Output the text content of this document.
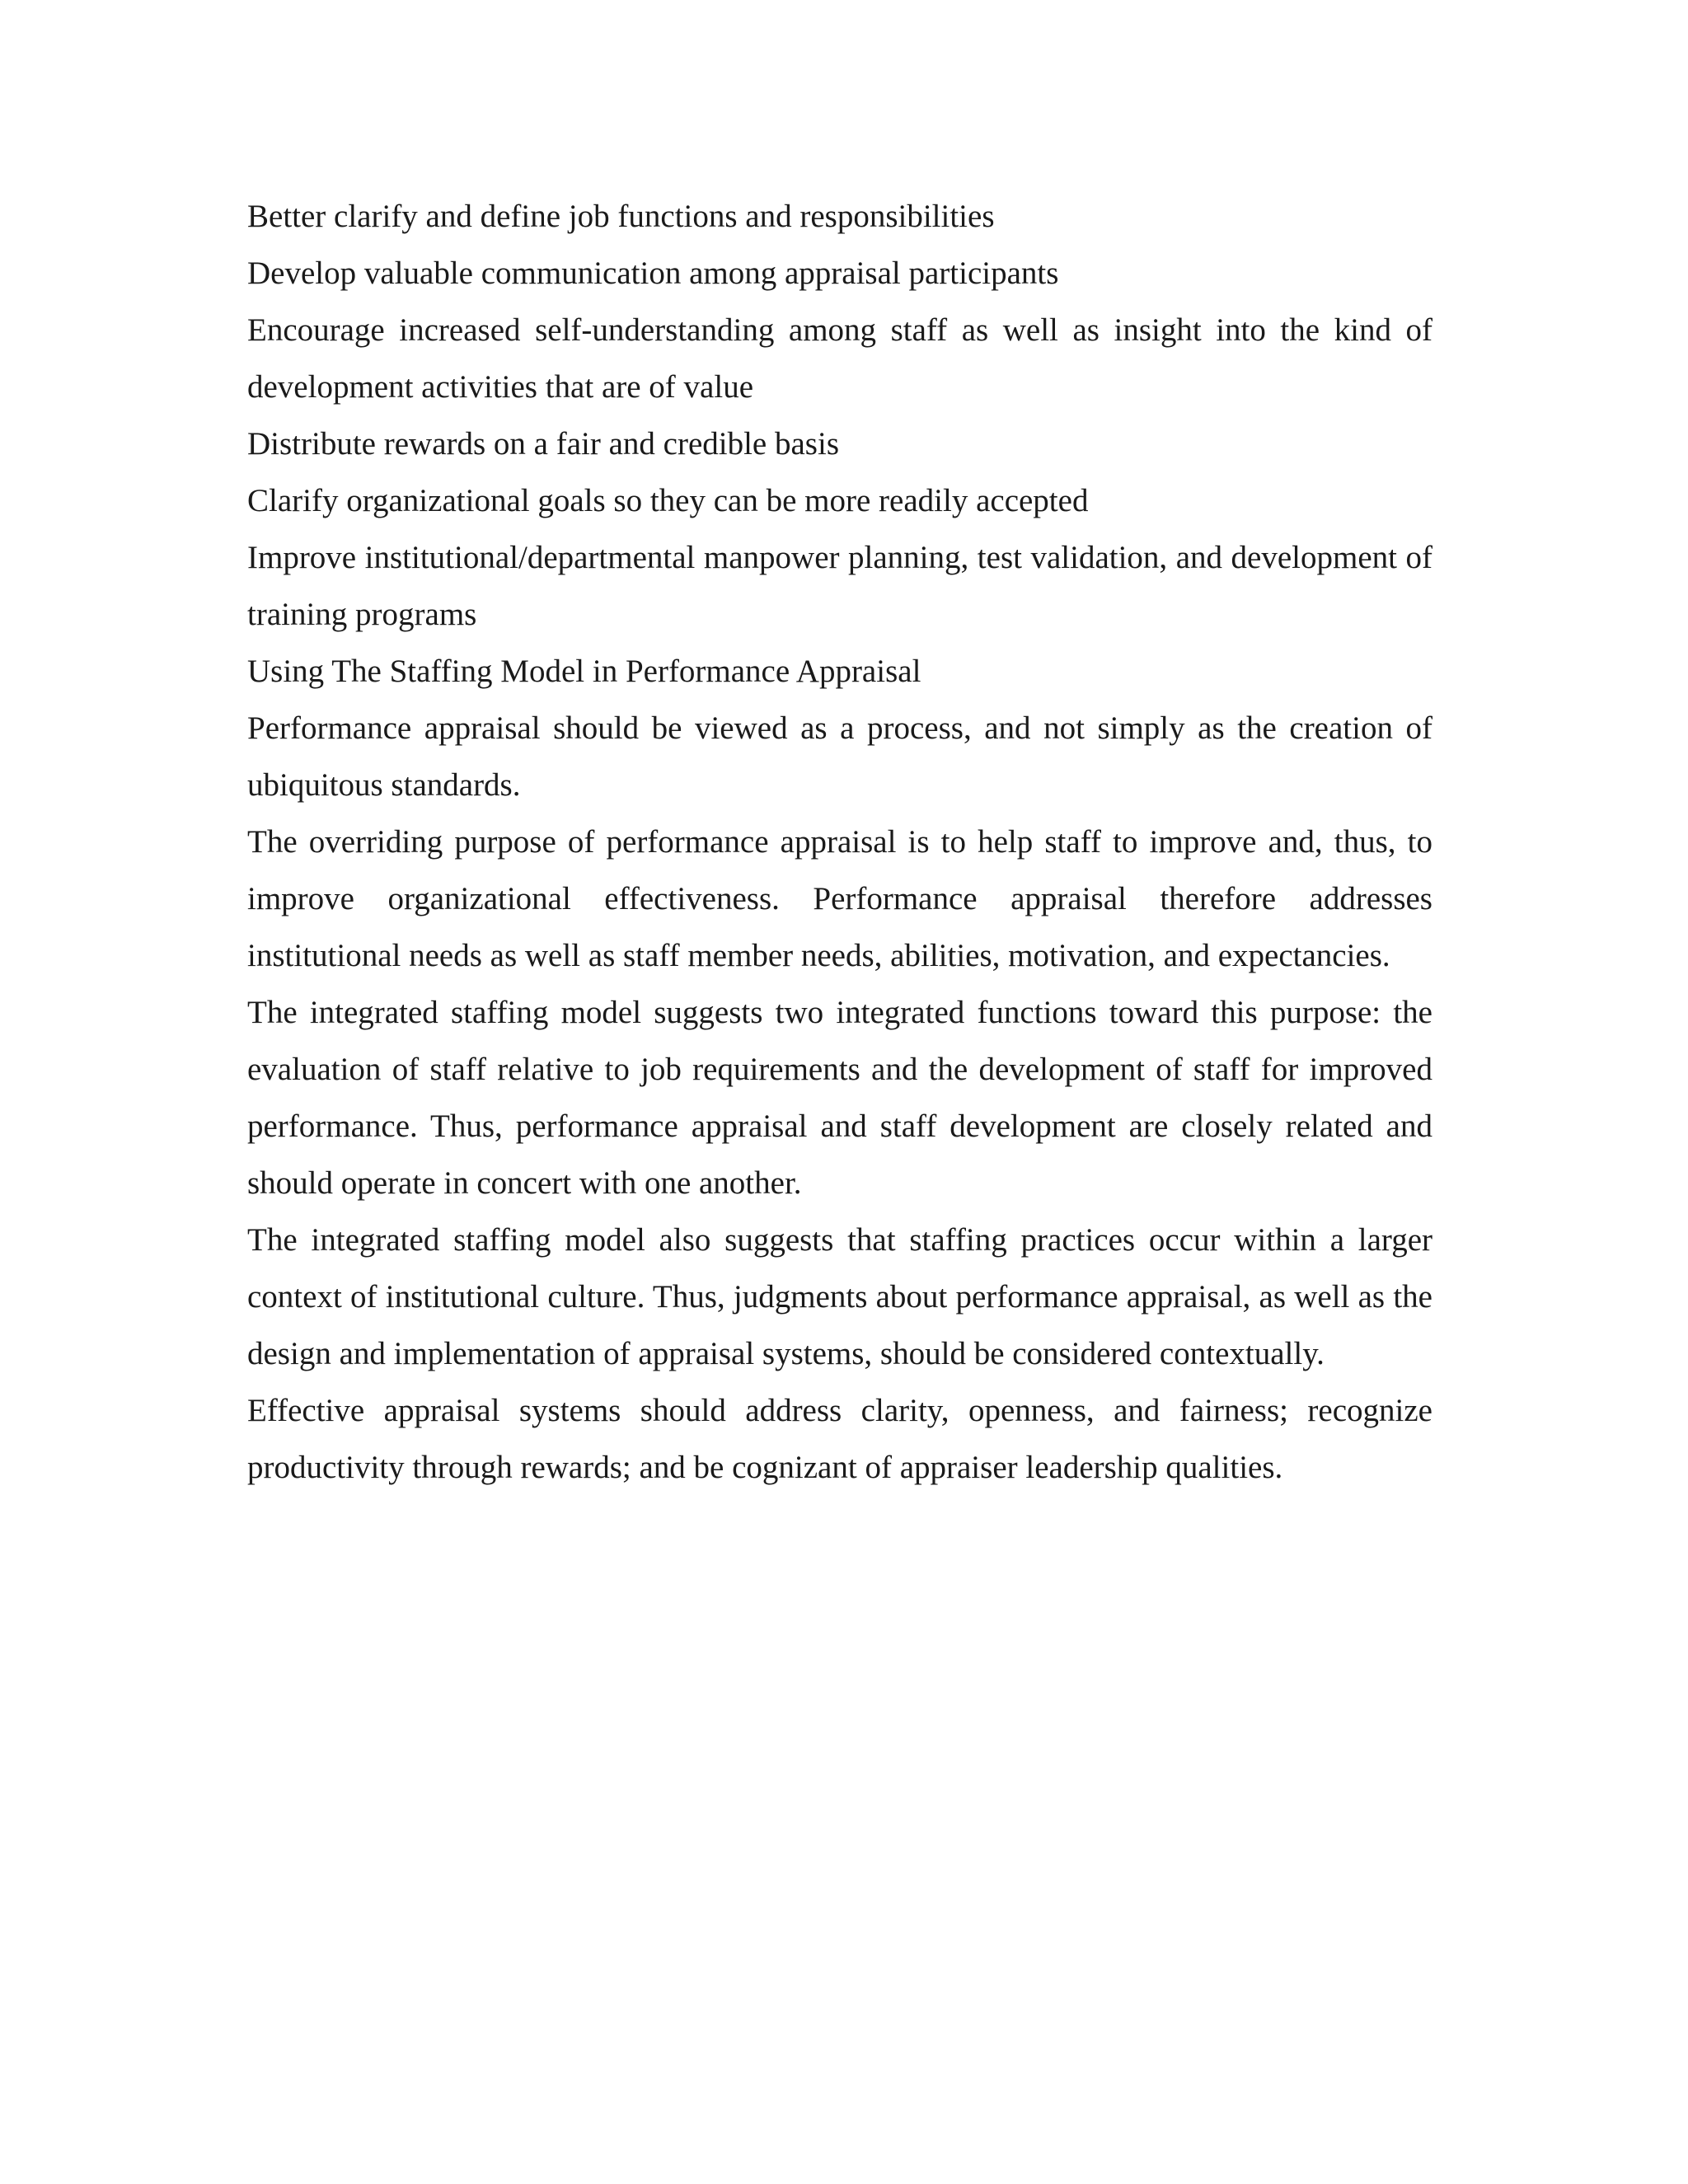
Better clarify and define job functions and responsibilities

Develop valuable communication among appraisal participants

Encourage increased self-understanding among staff as well as insight into the kind of development activities that are of value

Distribute rewards on a fair and credible basis

Clarify organizational goals so they can be more readily accepted

Improve institutional/departmental manpower planning, test validation, and development of training programs

Using The Staffing Model in Performance Appraisal

Performance appraisal should be viewed as a process, and not simply as the creation of ubiquitous standards.

The overriding purpose of performance appraisal is to help staff to improve and, thus, to improve organizational effectiveness. Performance appraisal therefore addresses institutional needs as well as staff member needs, abilities, motivation, and expectancies.

The integrated staffing model suggests two integrated functions toward this purpose: the evaluation of staff relative to job requirements and the development of staff for improved performance. Thus, performance appraisal and staff development are closely related and should operate in concert with one another.

The integrated staffing model also suggests that staffing practices occur within a larger context of institutional culture. Thus, judgments about performance appraisal, as well as the design and implementation of appraisal systems, should be considered contextually.

Effective appraisal systems should address clarity, openness, and fairness; recognize productivity through rewards; and be cognizant of appraiser leadership qualities.
